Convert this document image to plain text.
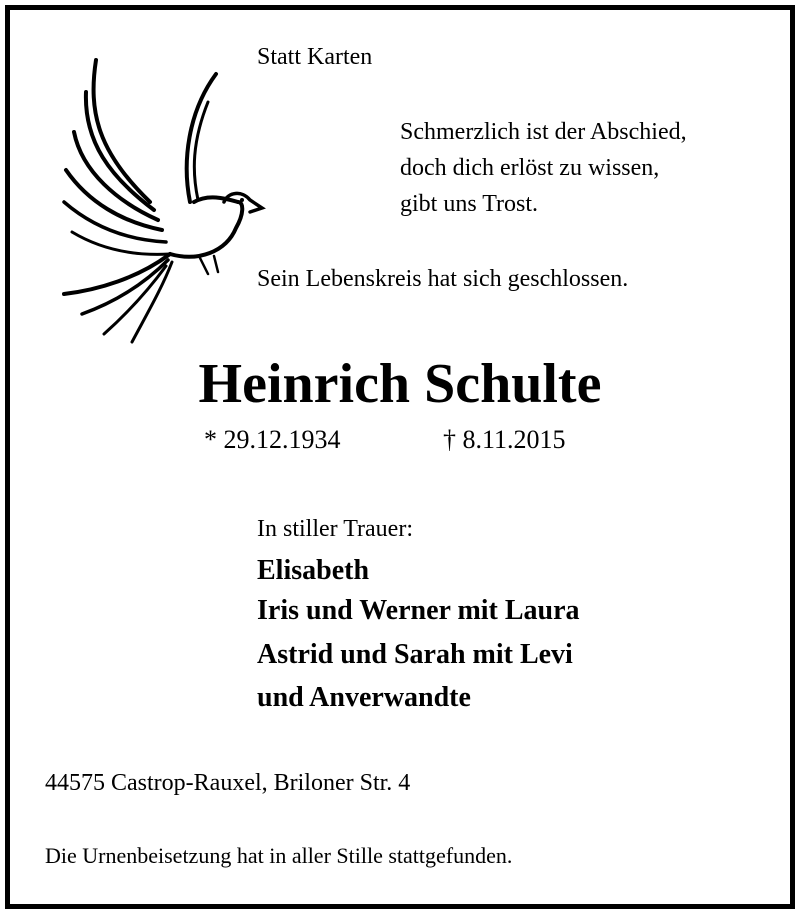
Statt Karten
Schmerzlich ist der Abschied,
doch dich erlöst zu wissen,
gibt uns Trost.
Sein Lebenskreis hat sich geschlossen.
Heinrich Schulte
* 29.12.1934	† 8.11.2015
In stiller Trauer:
Elisabeth
Iris und Werner mit Laura
Astrid und Sarah mit Levi
und Anverwandte
44575 Castrop-Rauxel, Briloner Str. 4
Die Urnenbeisetzung hat in aller Stille stattgefunden.
